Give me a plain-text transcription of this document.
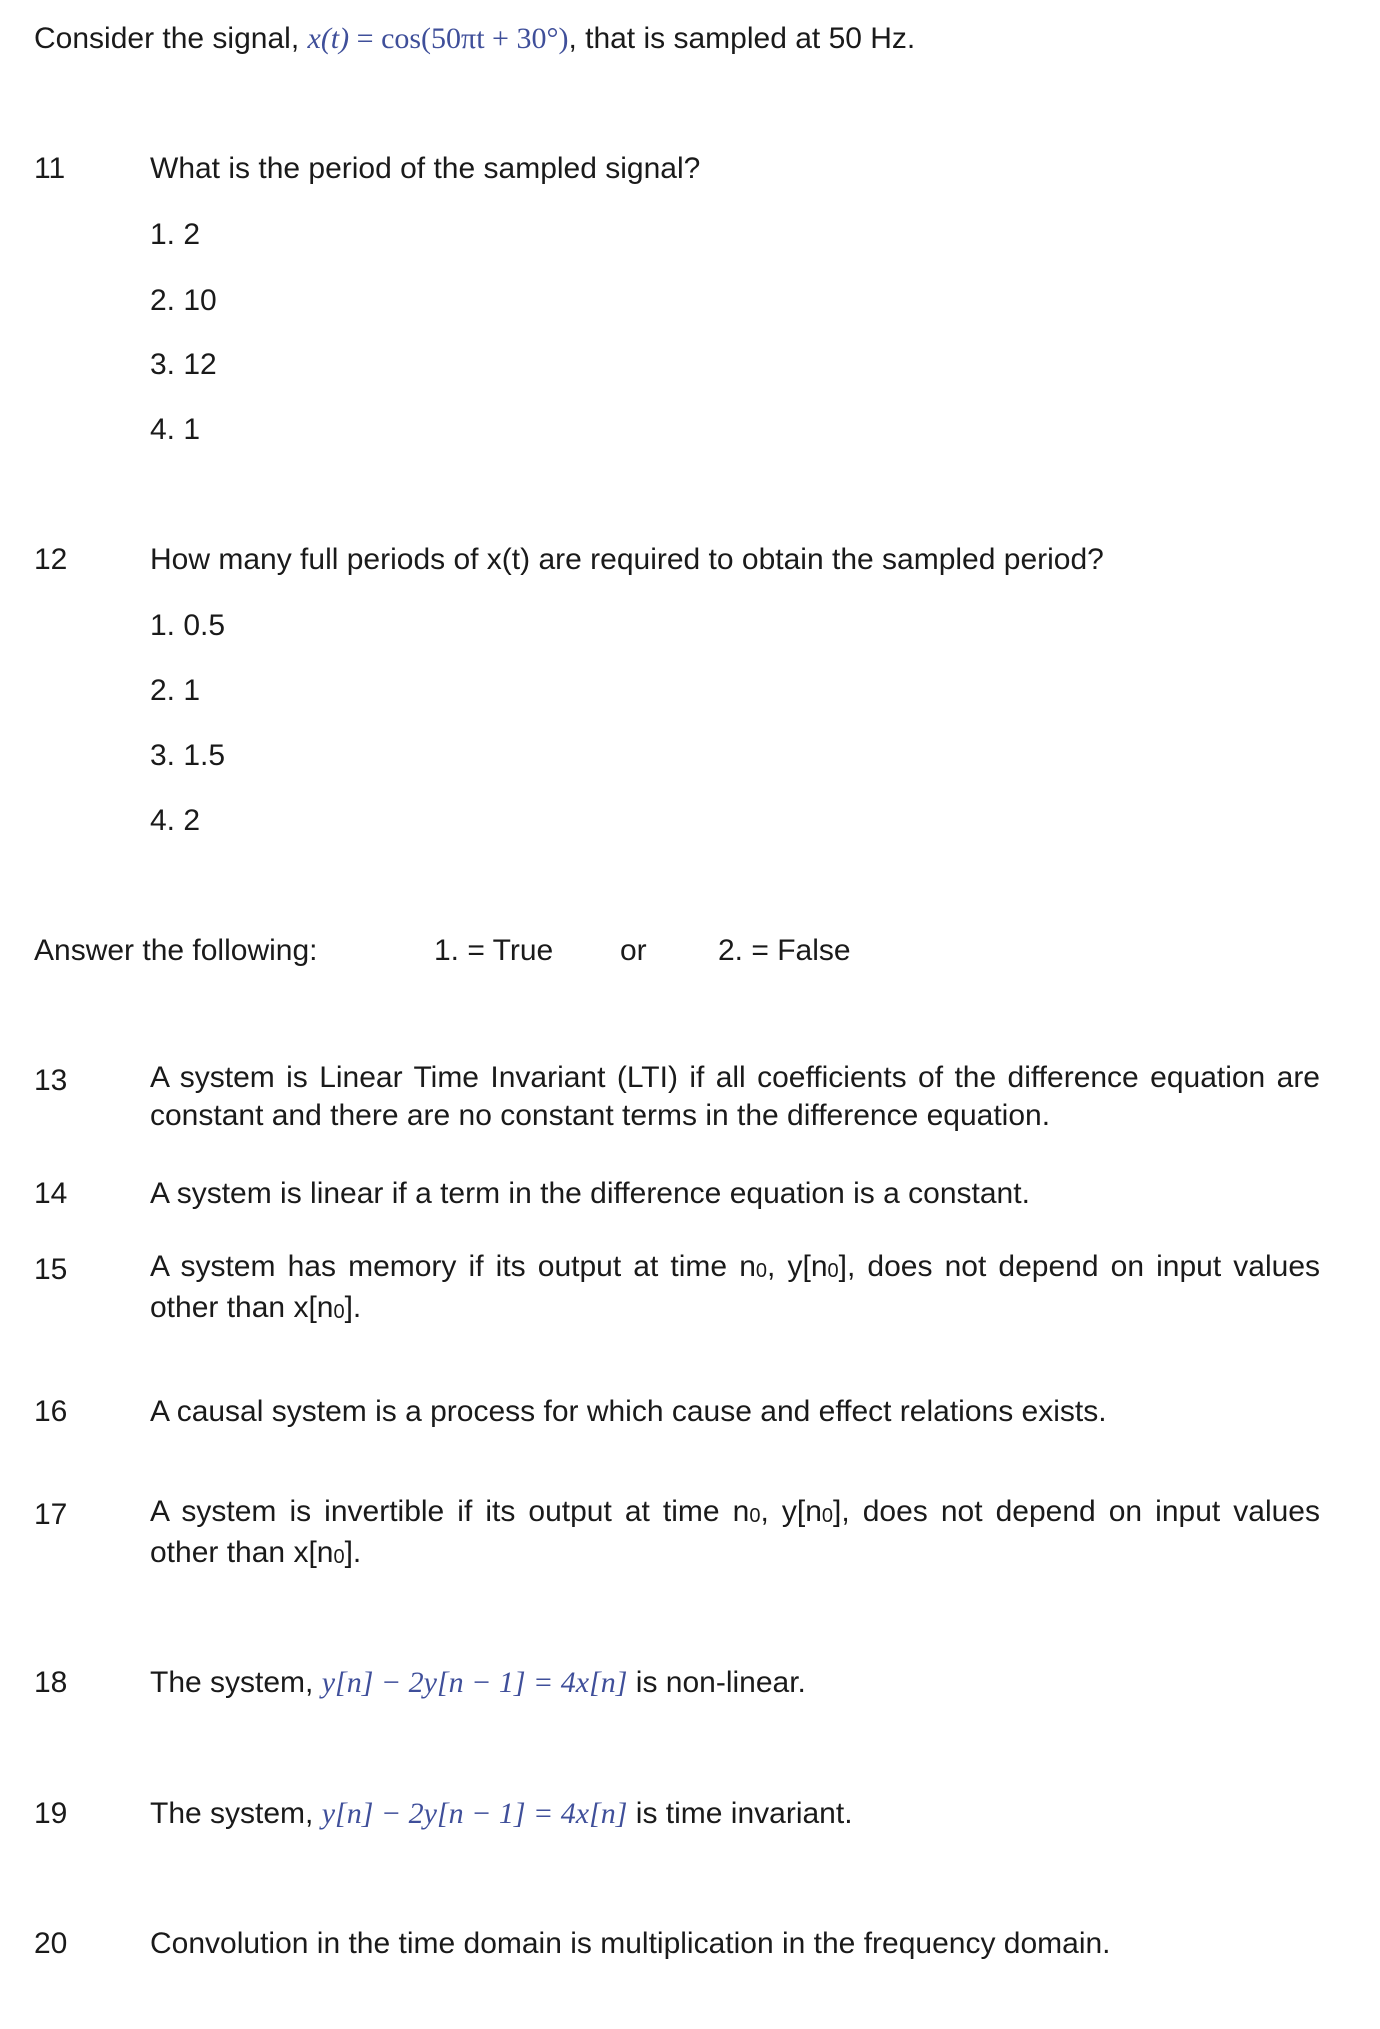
Consider the signal, x(t) = cos(50πt + 30°), that is sampled at 50 Hz.
11	What is the period of the sampled signal?
1. 2
2. 10
3. 12
4. 1
12	How many full periods of x(t) are required to obtain the sampled period?
1. 0.5
2. 1
3. 1.5
4. 2
Answer the following:	1. = True or 2. = False
13	A system is Linear Time Invariant (LTI) if all coefficients of the difference equation are constant and there are no constant terms in the difference equation.
14	A system is linear if a term in the difference equation is a constant.
15	A system has memory if its output at time n0, y[n0], does not depend on input values other than x[n0].
16	A causal system is a process for which cause and effect relations exists.
17	A system is invertible if its output at time n0, y[n0], does not depend on input values other than x[n0].
18	The system, y[n] − 2y[n − 1] = 4x[n] is non-linear.
19	The system, y[n] − 2y[n − 1] = 4x[n] is time invariant.
20	Convolution in the time domain is multiplication in the frequency domain.
